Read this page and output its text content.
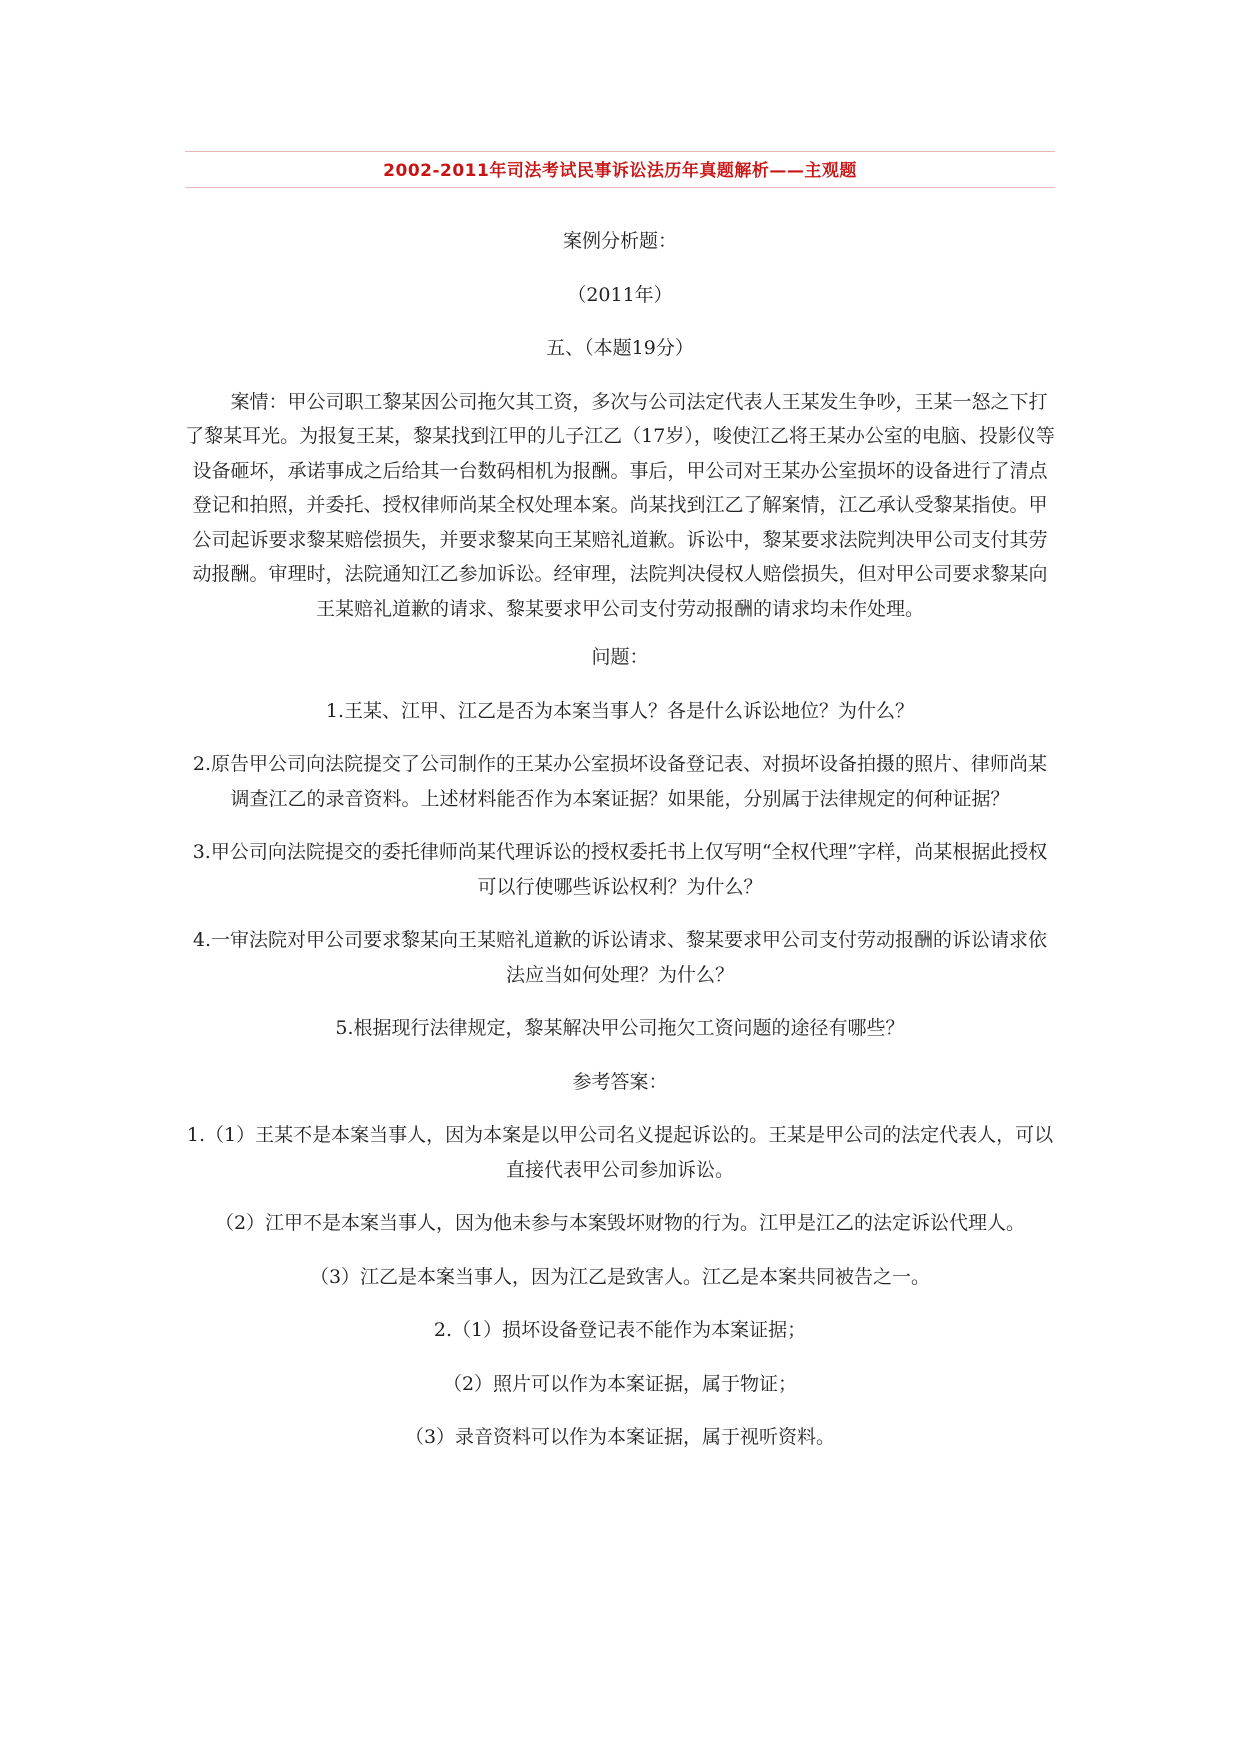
2002-2011年司法考试民事诉讼法历年真题解析——主观题

案例分析题：

（2011年）

五、（本题19分）

案情：甲公司职工黎某因公司拖欠其工资，多次与公司法定代表人王某发生争吵，王某一怒之下打了黎某耳光。为报复王某，黎某找到江甲的儿子江乙（17岁），唆使江乙将王某办公室的电脑、投影仪等设备砸坏，承诺事成之后给其一台数码相机为报酬。事后，甲公司对王某办公室损坏的设备进行了清点登记和拍照，并委托、授权律师尚某全权处理本案。尚某找到江乙了解案情，江乙承认受黎某指使。甲公司起诉要求黎某赔偿损失，并要求黎某向王某赔礼道歉。诉讼中，黎某要求法院判决甲公司支付其劳动报酬。审理时，法院通知江乙参加诉讼。经审理，法院判决侵权人赔偿损失，但对甲公司要求黎某向王某赔礼道歉的请求、黎某要求甲公司支付劳动报酬的请求均未作处理。

问题：

1.王某、江甲、江乙是否为本案当事人？各是什么诉讼地位？为什么？

2.原告甲公司向法院提交了公司制作的王某办公室损坏设备登记表、对损坏设备拍摄的照片、律师尚某调查江乙的录音资料。上述材料能否作为本案证据？如果能，分别属于法律规定的何种证据？

3.甲公司向法院提交的委托律师尚某代理诉讼的授权委托书上仅写明“全权代理”字样，尚某根据此授权可以行使哪些诉讼权利？为什么？

4.一审法院对甲公司要求黎某向王某赔礼道歉的诉讼请求、黎某要求甲公司支付劳动报酬的诉讼请求依法应当如何处理？为什么？

5.根据现行法律规定，黎某解决甲公司拖欠工资问题的途径有哪些？

参考答案：

1.（1）王某不是本案当事人，因为本案是以甲公司名义提起诉讼的。王某是甲公司的法定代表人，可以直接代表甲公司参加诉讼。

（2）江甲不是本案当事人，因为他未参与本案毁坏财物的行为。江甲是江乙的法定诉讼代理人。

（3）江乙是本案当事人，因为江乙是致害人。江乙是本案共同被告之一。

2.（1）损坏设备登记表不能作为本案证据；

（2）照片可以作为本案证据，属于物证；

（3）录音资料可以作为本案证据，属于视听资料。
